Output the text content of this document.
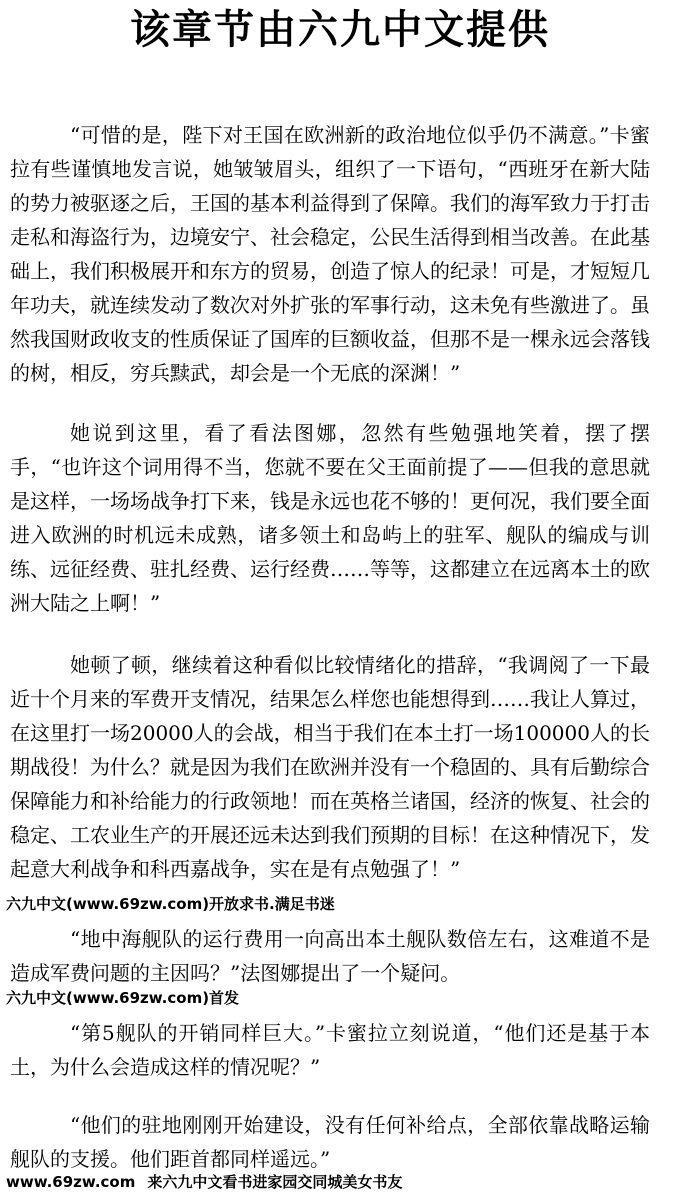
该章节由六九中文提供

“可惜的是，陛下对王国在欧洲新的政治地位似乎仍不满意。”卡蜜拉有些谨慎地发言说，她皱皱眉头，组织了一下语句，“西班牙在新大陆的势力被驱逐之后，王国的基本利益得到了保障。我们的海军致力于打击走私和海盗行为，边境安宁、社会稳定，公民生活得到相当改善。在此基础上，我们积极展开和东方的贸易，创造了惊人的纪录！可是，才短短几年功夫，就连续发动了数次对外扩张的军事行动，这未免有些激进了。虽然我国财政收支的性质保证了国库的巨额收益，但那不是一棵永远会落钱的树，相反，穷兵黩武，却会是一个无底的深渊！”

她说到这里，看了看法图娜，忽然有些勉强地笑着，摆了摆手，“也许这个词用得不当，您就不要在父王面前提了——但我的意思就是这样，一场场战争打下来，钱是永远也花不够的！更何况，我们要全面进入欧洲的时机远未成熟，诸多领土和岛屿上的驻军、舰队的编成与训练、远征经费、驻扎经费、运行经费……等等，这都建立在远离本土的欧洲大陆之上啊！”

她顿了顿，继续着这种看似比较情绪化的措辞，“我调阅了一下最近十个月来的军费开支情况，结果怎么样您也能想得到……我让人算过，在这里打一场20000人的会战，相当于我们在本土打一场100000人的长期战役！为什么？就是因为我们在欧洲并没有一个稳固的、具有后勤综合保障能力和补给能力的行政领地！而在英格兰诸国，经济的恢复、社会的稳定、工农业生产的开展还远未达到我们预期的目标！在这种情况下，发起意大利战争和科西嘉战争，实在是有点勉强了！”

六九中文(www.69zw.com)开放求书.满足书迷

“地中海舰队的运行费用一向高出本土舰队数倍左右，这难道不是造成军费问题的主因吗？”法图娜提出了一个疑问。

六九中文(www.69zw.com)首发

“第5舰队的开销同样巨大。”卡蜜拉立刻说道，“他们还是基于本土，为什么会造成这样的情况呢？”

“他们的驻地刚刚开始建设，没有任何补给点，全部依靠战略运输舰队的支援。他们距首都同样遥远。”

www.69zw.com 来六九中文看书进家园交同城美女书友
